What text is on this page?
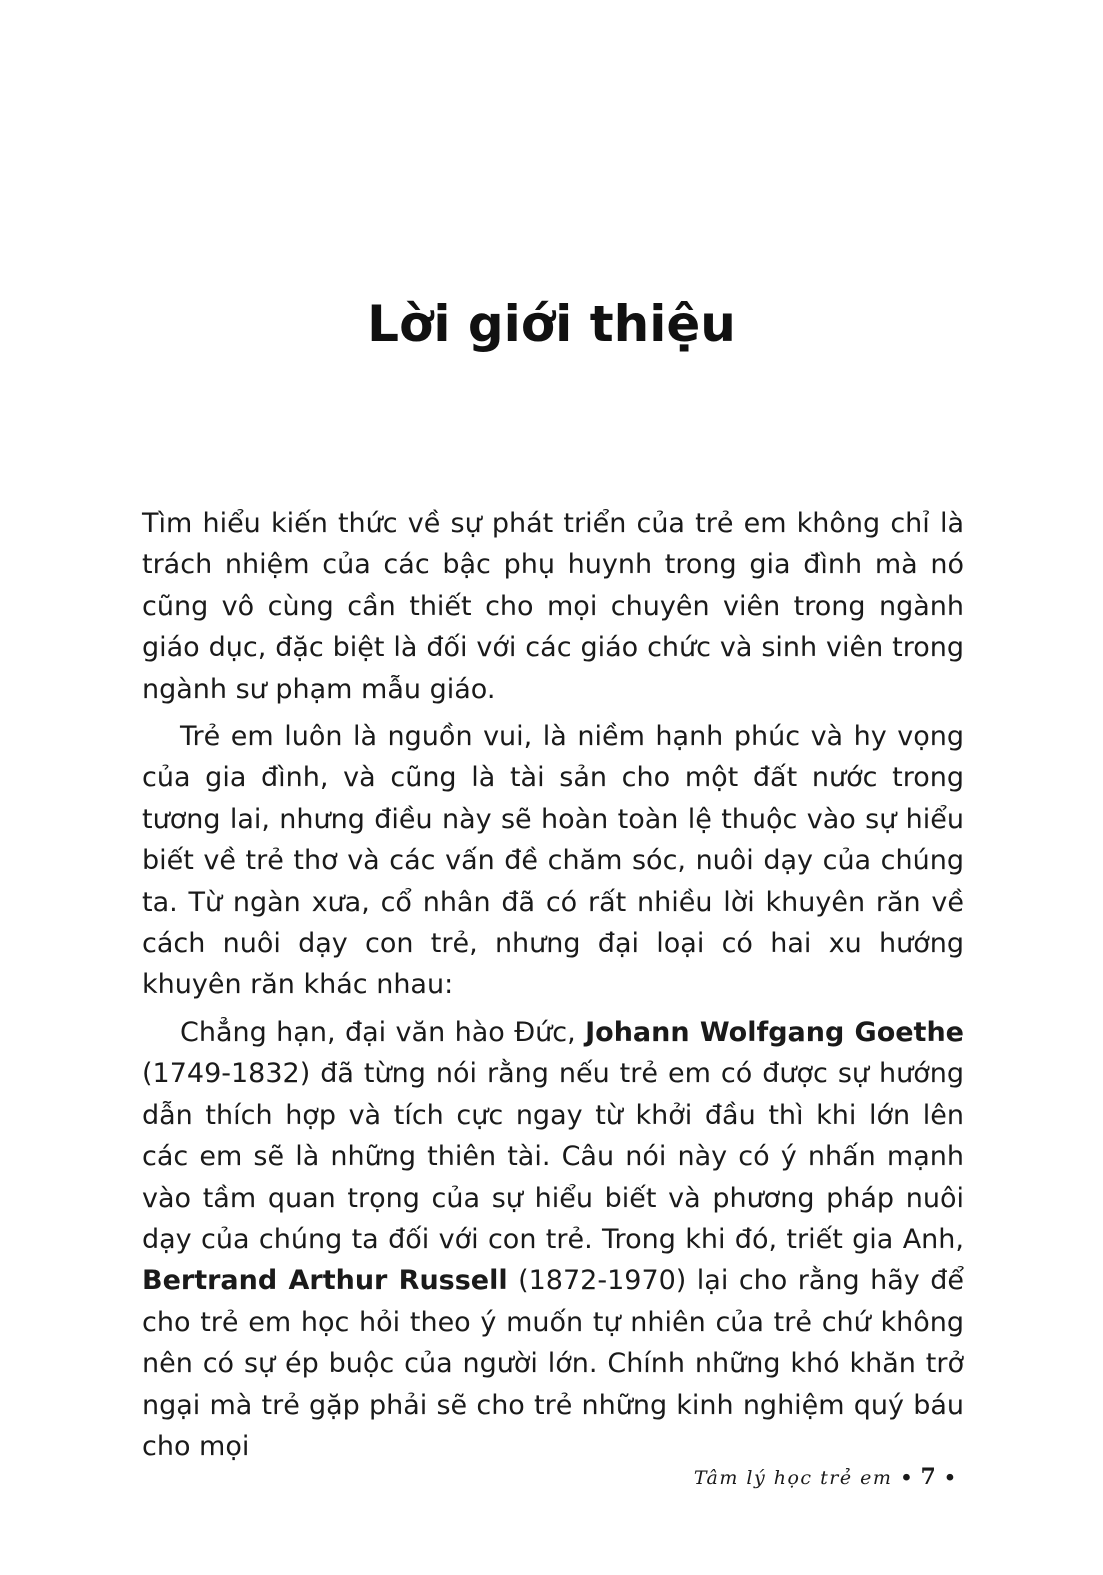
Lời giới thiệu

Tìm hiểu kiến thức về sự phát triển của trẻ em không chỉ là trách nhiệm của các bậc phụ huynh trong gia đình mà nó cũng vô cùng cần thiết cho mọi chuyên viên trong ngành giáo dục, đặc biệt là đối với các giáo chức và sinh viên trong ngành sư phạm mẫu giáo.

Trẻ em luôn là nguồn vui, là niềm hạnh phúc và hy vọng của gia đình, và cũng là tài sản cho một đất nước trong tương lai, nhưng điều này sẽ hoàn toàn lệ thuộc vào sự hiểu biết về trẻ thơ và các vấn đề chăm sóc, nuôi dạy của chúng ta. Từ ngàn xưa, cổ nhân đã có rất nhiều lời khuyên răn về cách nuôi dạy con trẻ, nhưng đại loại có hai xu hướng khuyên răn khác nhau:

Chẳng hạn, đại văn hào Đức, Johann Wolfgang Goethe (1749-1832) đã từng nói rằng nếu trẻ em có được sự hướng dẫn thích hợp và tích cực ngay từ khởi đầu thì khi lớn lên các em sẽ là những thiên tài. Câu nói này có ý nhấn mạnh vào tầm quan trọng của sự hiểu biết và phương pháp nuôi dạy của chúng ta đối với con trẻ. Trong khi đó, triết gia Anh, Bertrand Arthur Russell (1872-1970) lại cho rằng hãy để cho trẻ em học hỏi theo ý muốn tự nhiên của trẻ chứ không nên có sự ép buộc của người lớn. Chính những khó khăn trở ngại mà trẻ gặp phải sẽ cho trẻ những kinh nghiệm quý báu cho mọi

Tâm lý học trẻ em • 7 •
